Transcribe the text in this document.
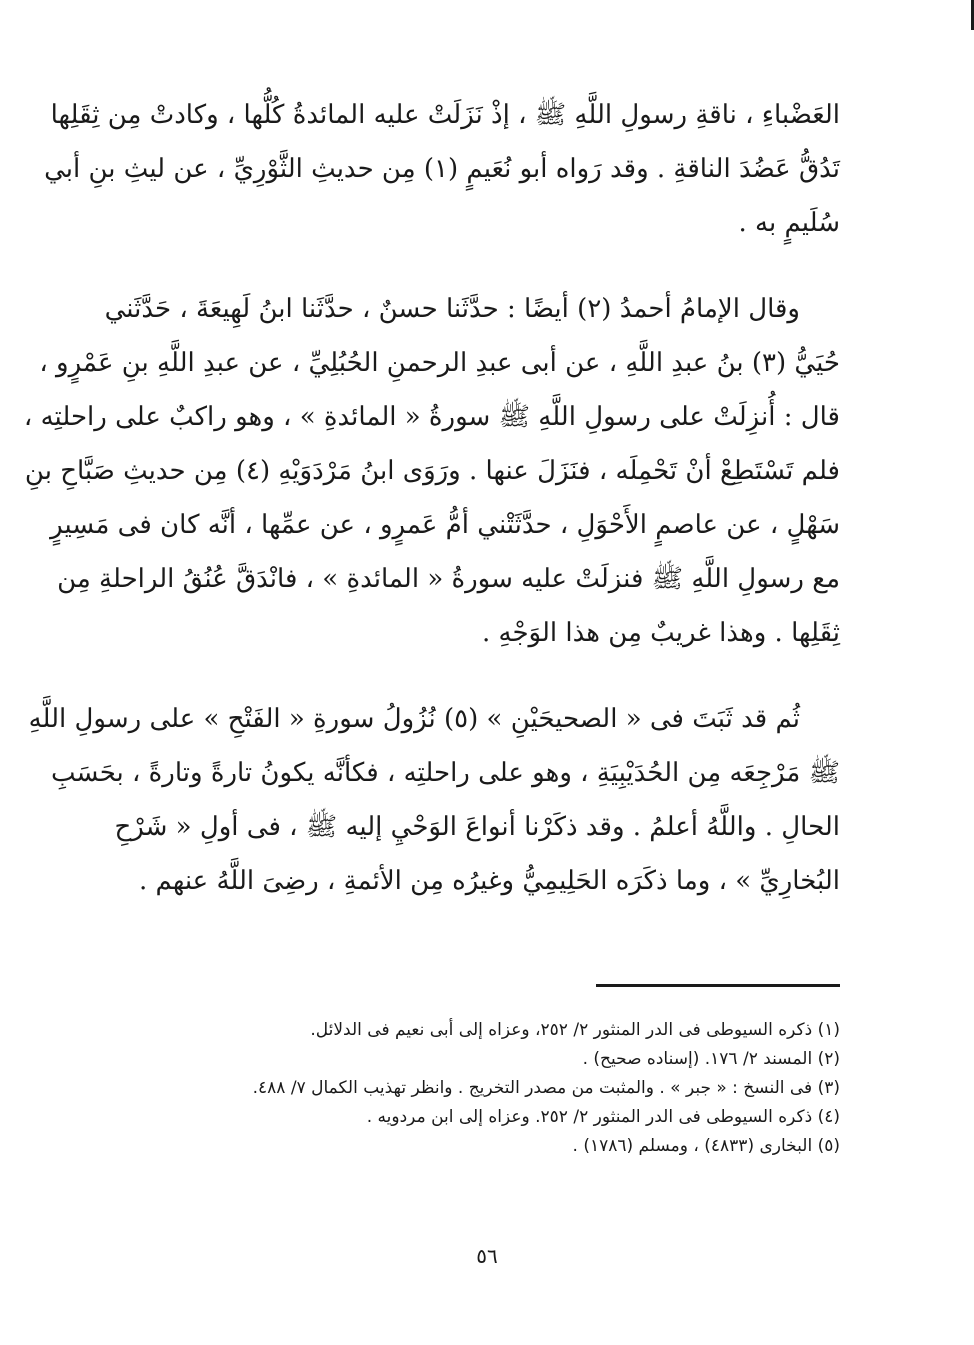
العَضْباءِ ، ناقةِ رسولِ اللَّهِ ﷺ ، إذْ نَزَلَتْ عليه المائدةُ كُلُّها ، وكادتْ مِن ثِقَلِها
تَدُقُّ عَضُدَ الناقةِ . وقد رَواه أبو نُعَيمٍ (١) مِن حديثِ الثَّوْرِيِّ ، عن ليثِ بنِ أبي
سُلَيمٍ به .
وقال الإمامُ أحمدُ (٢) أيضًا : حدَّثَنا حسنٌ ، حدَّثَنا ابنُ لَهِيعَةَ ، حَدَّثَني
حُيَيُّ (٣) بنُ عبدِ اللَّهِ ، عن أبى عبدِ الرحمنِ الحُبُلِيِّ ، عن عبدِ اللَّهِ بنِ عَمْرٍو ،
قال : أُنزِلَتْ على رسولِ اللَّهِ ﷺ سورةُ « المائدةِ » ، وهو راكبٌ على راحلتِه ،
فلم تَسْتَطِعْ أنْ تَحْمِلَه ، فنَزَلَ عنها . ورَوَى ابنُ مَرْدَوَيْهِ (٤) مِن حديثِ صَبَّاحِ بنِ
سَهْلٍ ، عن عاصمٍ الأَحْوَلِ ، حدَّثَتْني أمُّ عَمرٍو ، عن عمِّها ، أنَّه كان فى مَسِيرٍ
مع رسولِ اللَّهِ ﷺ فنزلَتْ عليه سورةُ « المائدةِ » ، فانْدَقَّ عُنُقُ الراحلةِ مِن
ثِقَلِها . وهذا غريبٌ مِن هذا الوَجْهِ .
ثُم قد ثَبَتَ فى « الصحيحَيْنِ » (٥) نُزُولُ سورةِ « الفَتْحِ » على رسولِ اللَّهِ
ﷺ مَرْجِعَه مِن الحُدَيْبِيَةِ ، وهو على راحلتِه ، فكأنَّه يكونُ تارةً وتارةً ، بحَسَبِ
الحالِ . واللَّهُ أعلمُ . وقد ذكَرْنا أنواعَ الوَحْيِ إليه ﷺ ، فى أولِ « شَرْحِ
البُخارِيِّ » ، وما ذكَرَه الحَلِيمِيُّ وغيرُه مِن الأئمةِ ، رضِىَ اللَّهُ عنهم .
(١) ذكره السيوطى فى الدر المنثور ٢/ ٢٥٢، وعزاه إلى أبى نعيم فى الدلائل.
(٢) المسند ٢/ ١٧٦. (إسناده صحيح) .
(٣) فى النسخ : « جبر » . والمثبت من مصدر التخريج . وانظر تهذيب الكمال ٧/ ٤٨٨.
(٤) ذكره السيوطى فى الدر المنثور ٢/ ٢٥٢. وعزاه إلى ابن مردويه .
(٥) البخارى (٤٨٣٣) ، ومسلم (١٧٨٦) .
٥٦
